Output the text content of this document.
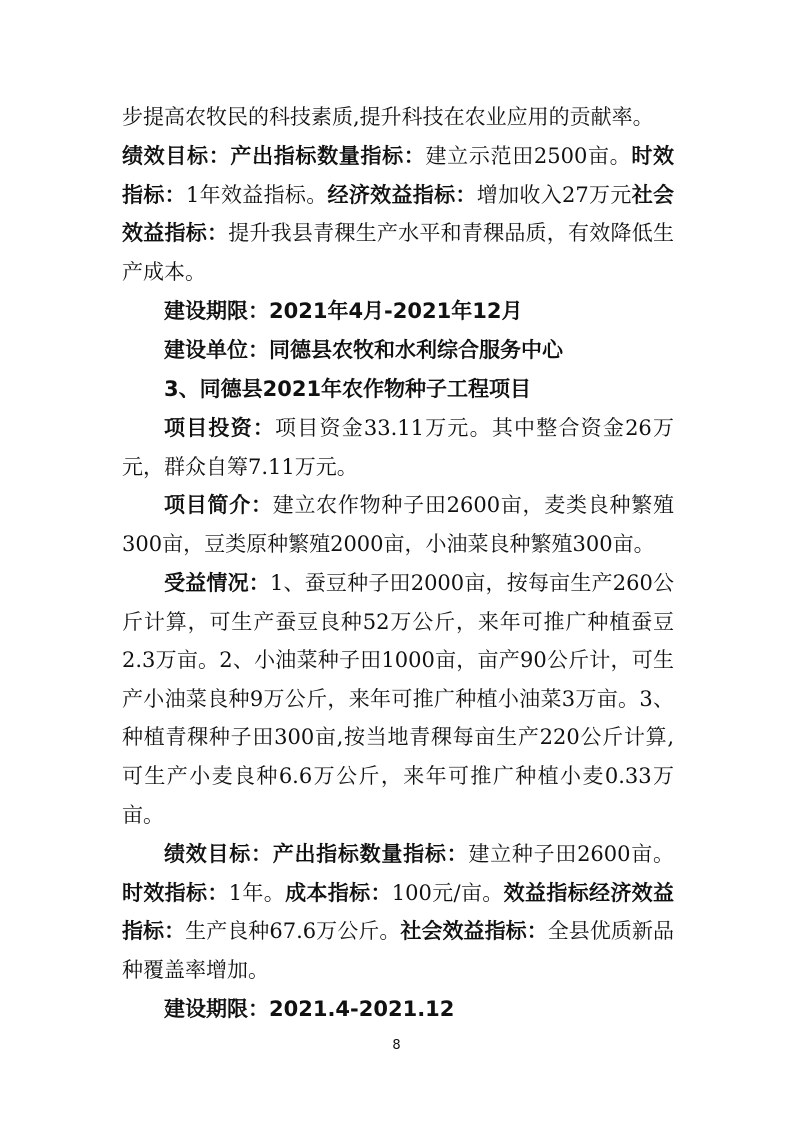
步提高农牧民的科技素质,提升科技在农业应用的贡献率。

绩效目标：产出指标数量指标：建立示范田2500亩。时效指标：1年效益指标。经济效益指标：增加收入27万元社会效益指标：提升我县青稞生产水平和青稞品质，有效降低生产成本。

建设期限：2021年4月-2021年12月

建设单位：同德县农牧和水利综合服务中心

3、同德县2021年农作物种子工程项目

项目投资：项目资金33.11万元。其中整合资金26万元，群众自筹7.11万元。

项目简介：建立农作物种子田2600亩，麦类良种繁殖300亩，豆类原种繁殖2000亩，小油菜良种繁殖300亩。

受益情况：1、蚕豆种子田2000亩，按每亩生产260公斤计算，可生产蚕豆良种52万公斤，来年可推广种植蚕豆2.3万亩。2、小油菜种子田1000亩，亩产90公斤计，可生产小油菜良种9万公斤，来年可推广种植小油菜3万亩。3、种植青稞种子田300亩,按当地青稞每亩生产220公斤计算,可生产小麦良种6.6万公斤，来年可推广种植小麦0.33万亩。

绩效目标：产出指标数量指标：建立种子田2600亩。时效指标：1年。成本指标：100元/亩。效益指标经济效益指标：生产良种67.6万公斤。社会效益指标：全县优质新品种覆盖率增加。

建设期限：2021.4-2021.12

8
